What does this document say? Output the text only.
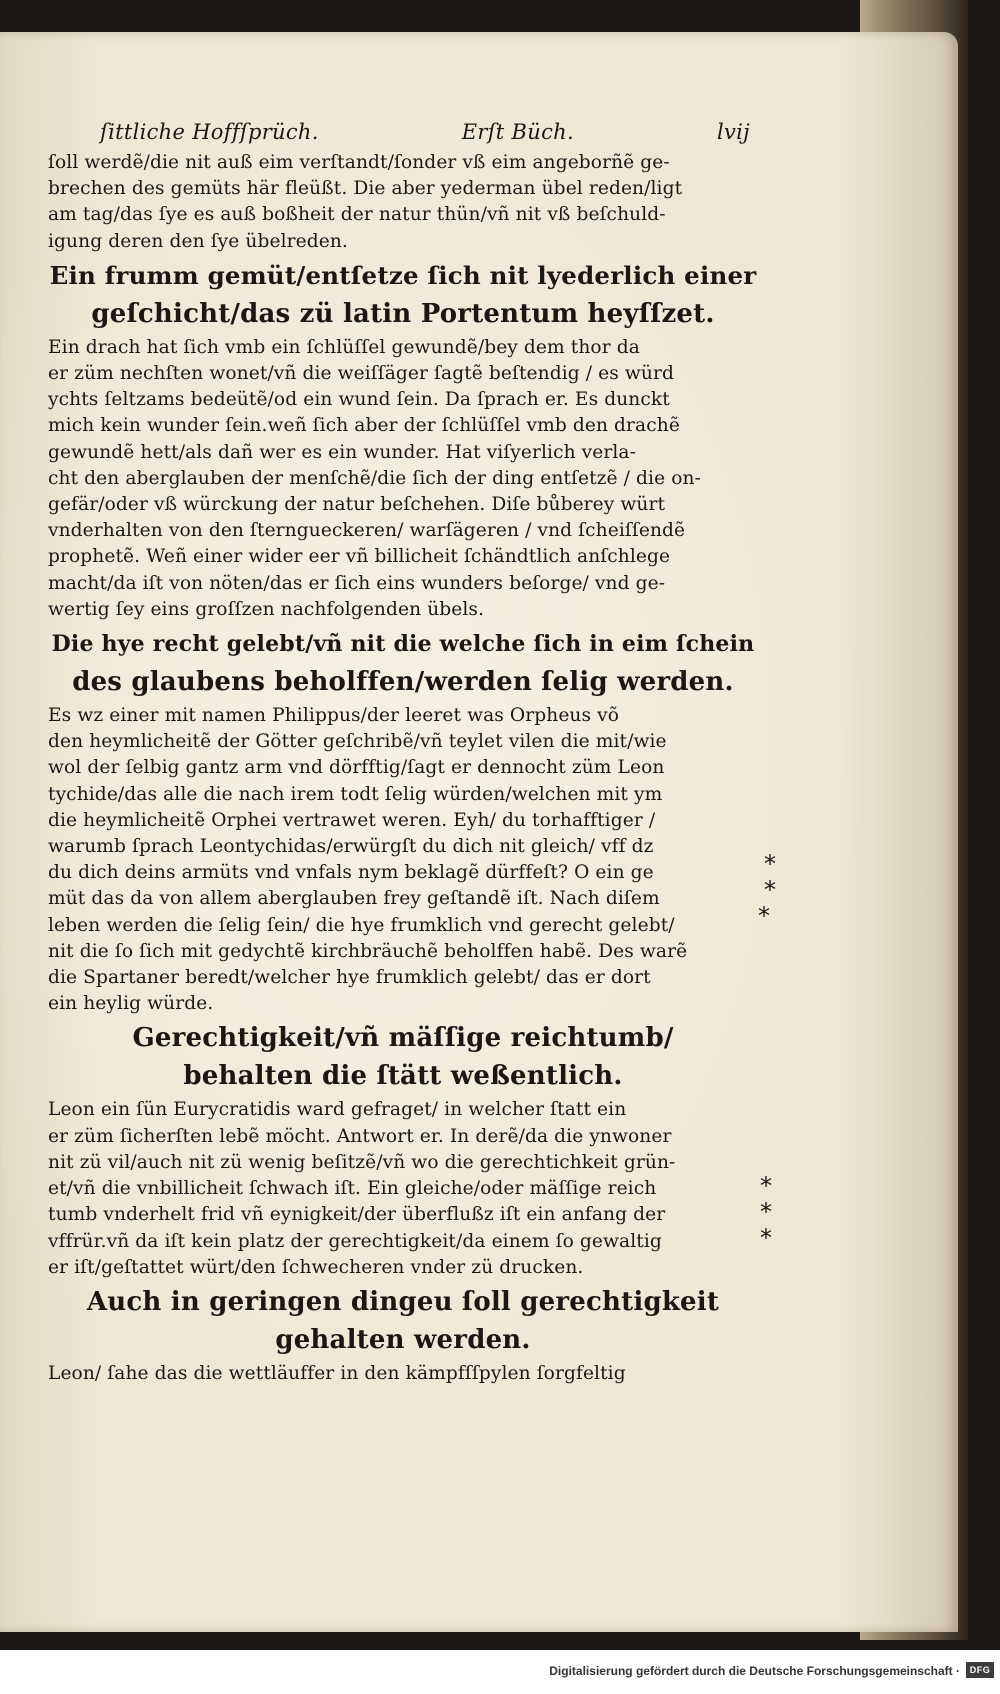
ſittliche Hoffſprüch.	Erſt Büch.	lvij
ſoll werdẽ/die nit auß eim verſtandt/ſonder vß eim angeborñẽ ge‑
brechen des gemüts här fleüßt. Die aber yederman übel reden/ligt
am tag/das ſye es auß boßheit der natur thün/vñ nit vß beſchuld‑
igung deren den ſye übelreden.
Ein frumm gemüt/entſetze ſich nit lyederlich einer
geſchicht/das zü latin Portentum heyſſzet.
Ein drach hat ſich vmb ein ſchlüſſel gewundẽ/bey dem thor da
er züm nechſten wonet/vñ die weiſſäger ſagtẽ beſtendig / es würd
ychts ſeltzams bedeütẽ/od ein wund ſein. Da ſprach er. Es dunckt
mich kein wunder ſein.weñ ſich aber der ſchlüſſel vmb den drachẽ
gewundẽ hett/als dañ wer es ein wunder. Hat viſyerlich verla‑
cht den aberglauben der menſchẽ/die ſich der ding entſetzẽ / die on‑
gefär/oder vß würckung der natur beſchehen. Diſe bůberey würt
vnderhalten von den ſterngueckeren/ warſägeren / vnd ſcheiſſendẽ
prophetẽ. Weñ einer wider eer vñ billicheit ſchändtlich anſchlege
macht/da iſt von nöten/das er ſich eins wunders beſorge/ vnd ge‑
wertig ſey eins groſſzen nachfolgenden übels.
Die hye recht gelebt/vñ nit die welche ſich in eim ſchein
des glaubens beholffen/werden ſelig werden.
Es wz einer mit namen Philippus/der leeret was Orpheus võ
den heymlicheitẽ der Götter geſchribẽ/vñ teylet vilen die mit/wie
wol der ſelbig gantz arm vnd dörfftig/ſagt er dennocht züm Leon
tychide/das alle die nach irem todt ſelig würden/welchen mit ym
die heymlicheitẽ Orphei vertrawet weren. Eyh/ du torhafftiger /
warumb ſprach Leontychidas/erwürgſt du dich nit gleich/ vff dz
du dich deins armüts vnd vnfals nym beklagẽ dürffeſt? O ein ge
müt das da von allem aberglauben frey geſtandẽ iſt. Nach diſem
leben werden die ſelig ſein/ die hye frumklich vnd gerecht gelebt/
nit die ſo ſich mit gedychtẽ kirchbräuchẽ beholffen habẽ. Des warẽ
die Spartaner beredt/welcher hye frumklich gelebt/ das er dort
ein heylig würde.
Gerechtigkeit/vñ mäſſige reichtumb/
behalten die ſtätt weßentlich.
Leon ein ſün Eurycratidis ward gefraget/ in welcher ſtatt ein
er züm ſicherſten lebẽ möcht. Antwort er. In derẽ/da die ynwoner
nit zü vil/auch nit zü wenig beſitzẽ/vñ wo die gerechtichkeit grün‑
et/vñ die vnbillicheit ſchwach iſt. Ein gleiche/oder mäſſige reich
tumb vnderhelt frid vñ eynigkeit/der überflußz iſt ein anfang der
vffrür.vñ da iſt kein platz der gerechtigkeit/da einem ſo gewaltig
er iſt/geſtattet würt/den ſchwecheren vnder zü drucken.
Auch in geringen dingeu ſoll gerechtigkeit
gehalten werden.
Leon/ ſahe das die wettläuffer in den kämpfſſpylen ſorgfeltig
*
*
*
*
*
*
Digitalisierung gefördert durch die Deutsche Forschungsgemeinschaft ·	DFG
